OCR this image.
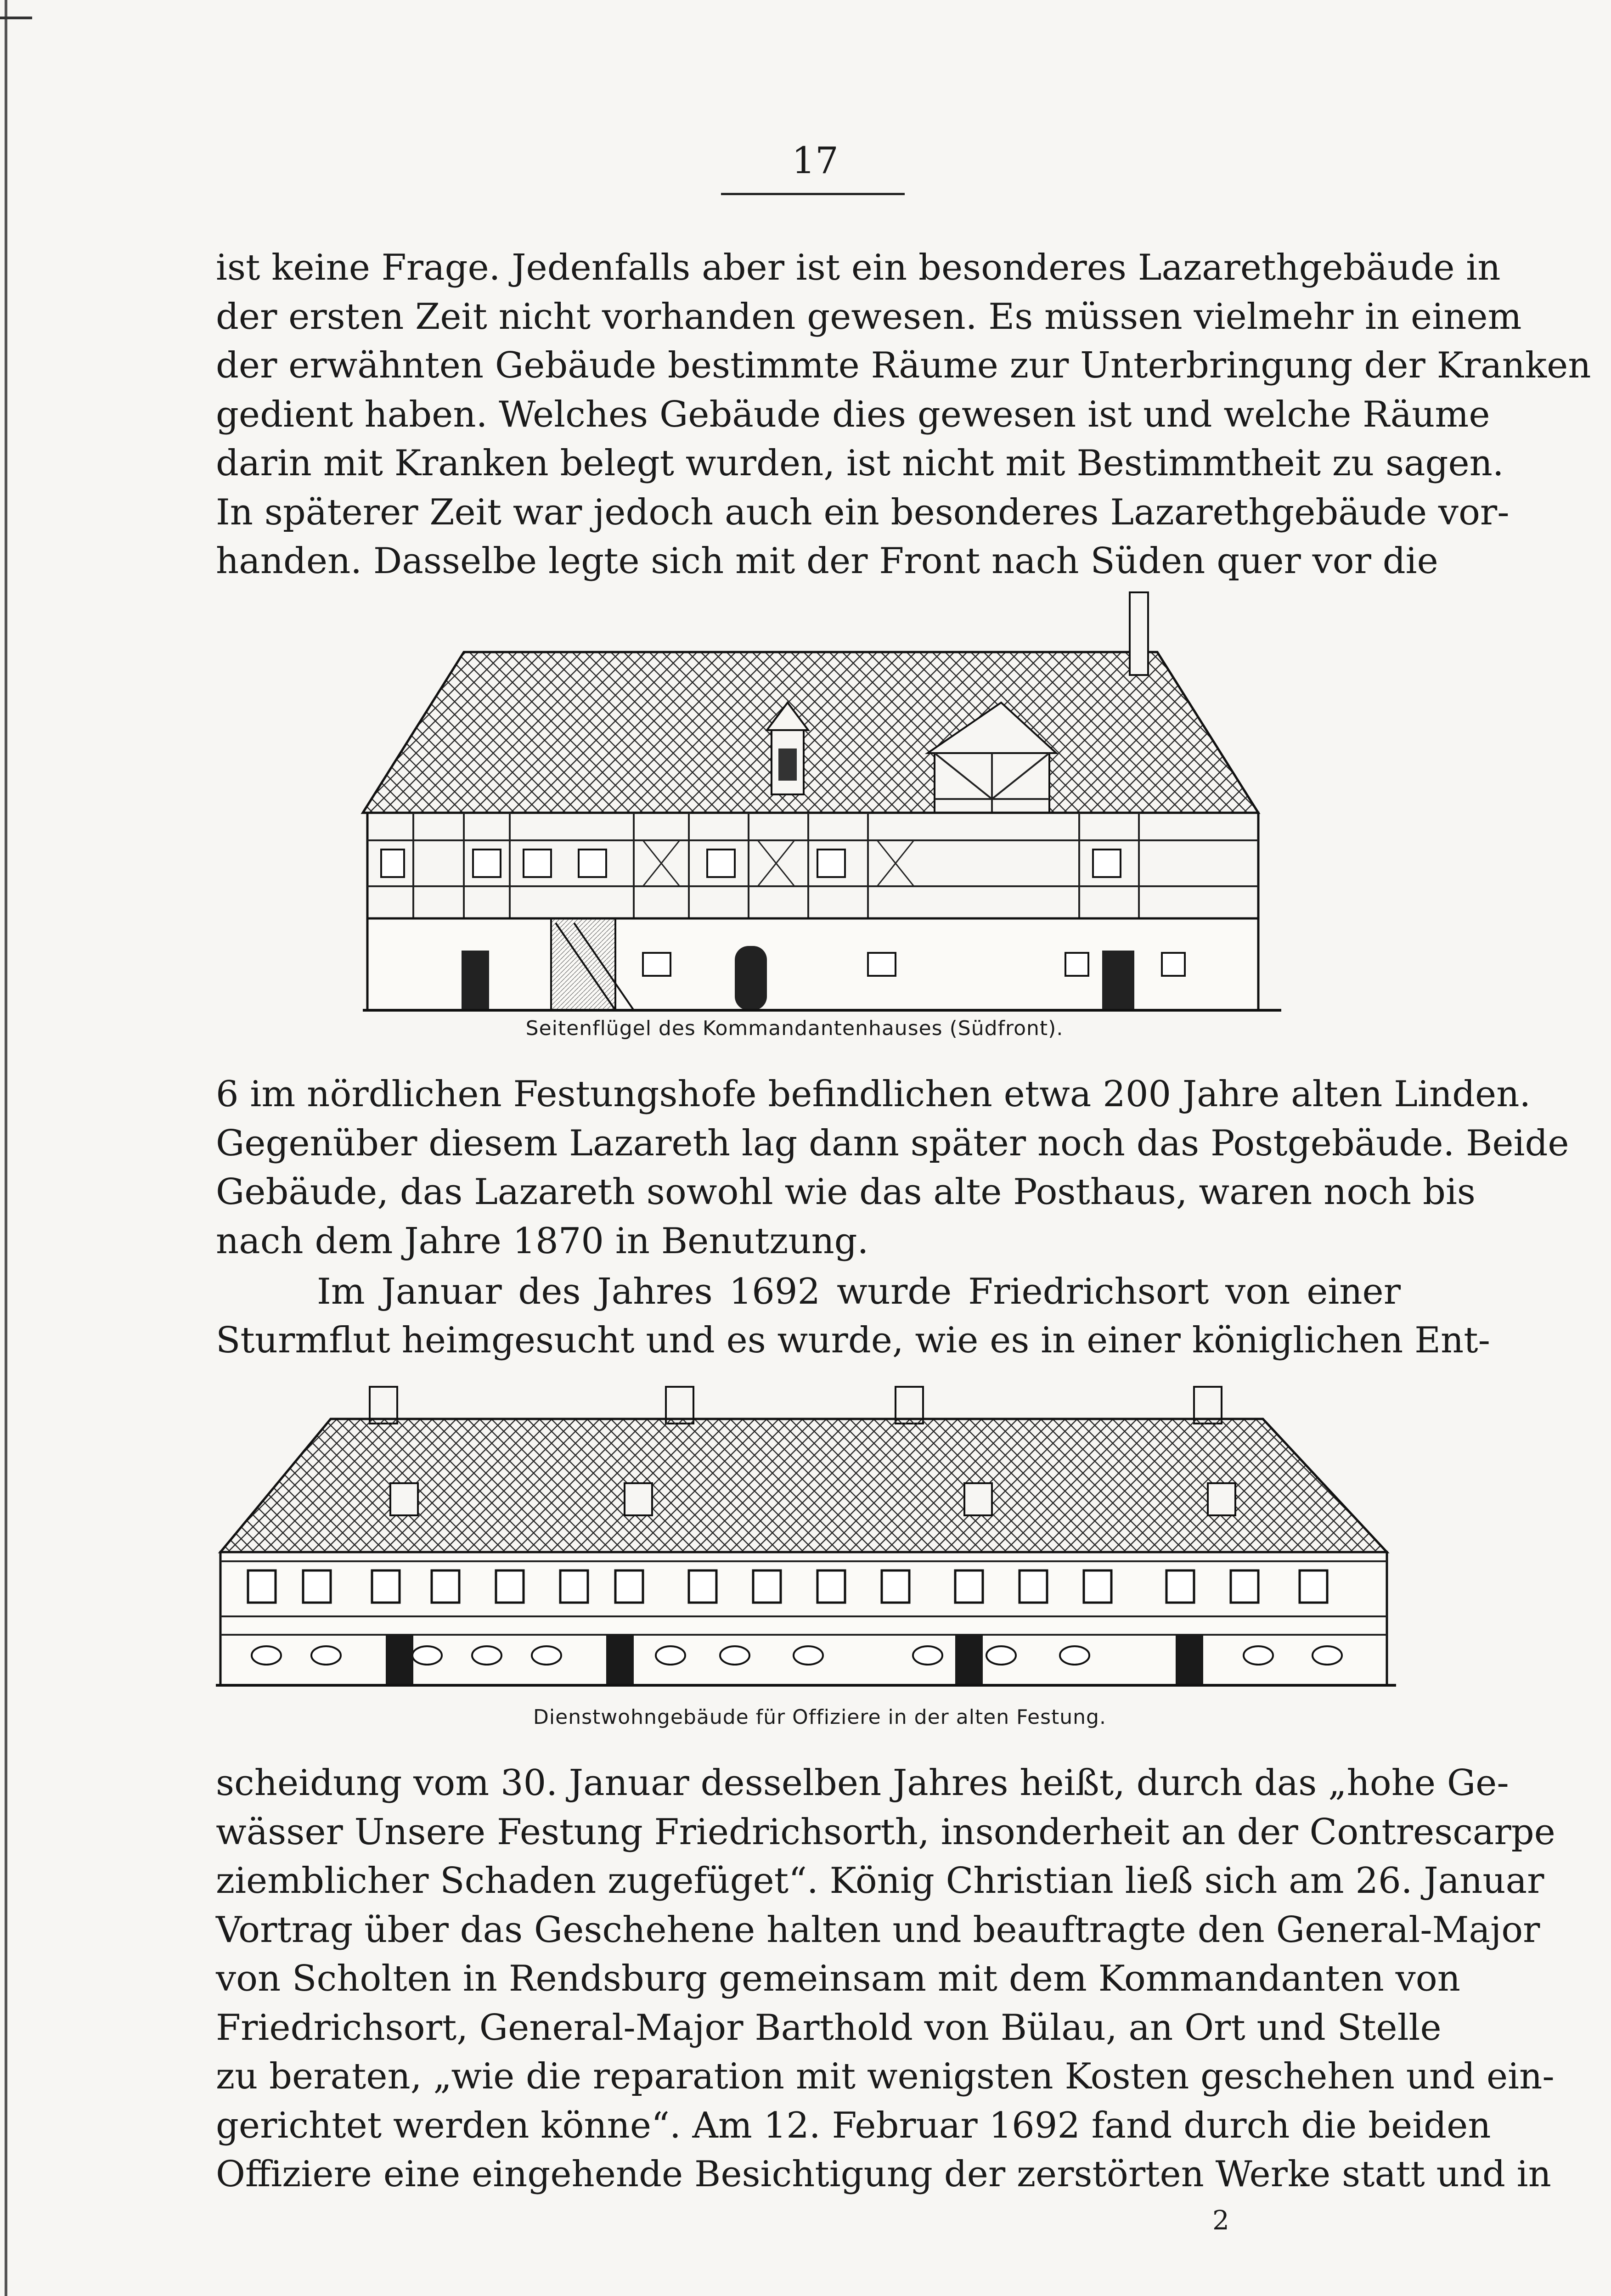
17
ist keine Frage. Jedenfalls aber ist ein besonderes Lazarethgebäude in
der ersten Zeit nicht vorhanden gewesen. Es müssen vielmehr in einem
der erwähnten Gebäude bestimmte Räume zur Unterbringung der Kranken
gedient haben. Welches Gebäude dies gewesen ist und welche Räume
darin mit Kranken belegt wurden, ist nicht mit Bestimmtheit zu sagen.
In späterer Zeit war jedoch auch ein besonderes Lazarethgebäude vor-
handen. Dasselbe legte sich mit der Front nach Süden quer vor die
Seitenflügel des Kommandantenhauses (Südfront).
6 im nördlichen Festungshofe befindlichen etwa 200 Jahre alten Linden.
Gegenüber diesem Lazareth lag dann später noch das Postgebäude. Beide
Gebäude, das Lazareth sowohl wie das alte Posthaus, waren noch bis
nach dem Jahre 1870 in Benutzung.
Im Januar des Jahres 1692 wurde Friedrichsort von einer
Sturmflut heimgesucht und es wurde, wie es in einer königlichen Ent-
Dienstwohngebäude für Offiziere in der alten Festung.
scheidung vom 30. Januar desselben Jahres heißt, durch das „hohe Ge-
wässer Unsere Festung Friedrichsorth, insonderheit an der Contrescarpe
ziemblicher Schaden zugefüget“. König Christian ließ sich am 26. Januar
Vortrag über das Geschehene halten und beauftragte den General-Major
von Scholten in Rendsburg gemeinsam mit dem Kommandanten von
Friedrichsort, General-Major Barthold von Bülau, an Ort und Stelle
zu beraten, „wie die reparation mit wenigsten Kosten geschehen und ein-
gerichtet werden könne“. Am 12. Februar 1692 fand durch die beiden
Offiziere eine eingehende Besichtigung der zerstörten Werke statt und in
2
